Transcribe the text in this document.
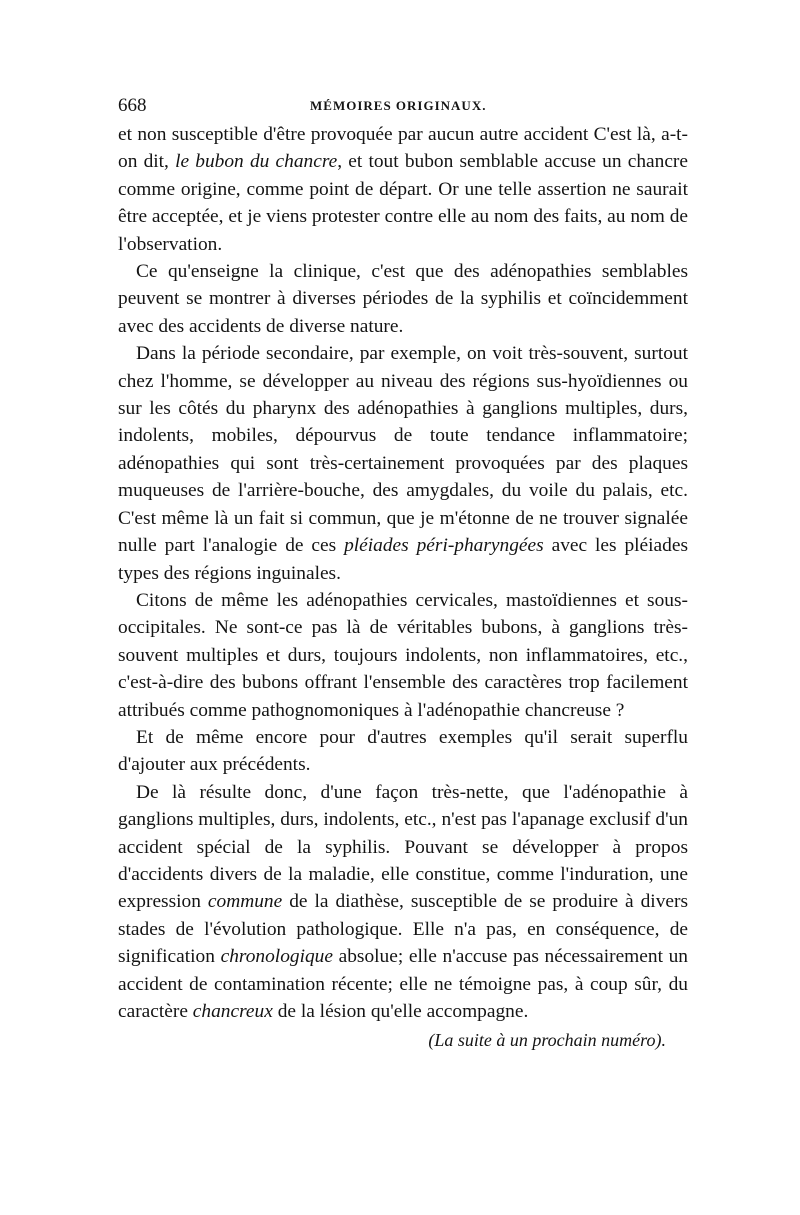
668	MÉMOIRES ORIGINAUX.

et non susceptible d'être provoquée par aucun autre accident C'est là, a-t-on dit, le bubon du chancre, et tout bubon semblable accuse un chancre comme origine, comme point de départ. Or une telle assertion ne saurait être acceptée, et je viens protester contre elle au nom des faits, au nom de l'observation.

Ce qu'enseigne la clinique, c'est que des adénopathies semblables peuvent se montrer à diverses périodes de la syphilis et coïncidemment avec des accidents de diverse nature.

Dans la période secondaire, par exemple, on voit très-souvent, surtout chez l'homme, se développer au niveau des régions sus-hyoïdiennes ou sur les côtés du pharynx des adénopathies à ganglions multiples, durs, indolents, mobiles, dépourvus de toute tendance inflammatoire; adénopathies qui sont très-certainement provoquées par des plaques muqueuses de l'arrière-bouche, des amygdales, du voile du palais, etc. C'est même là un fait si commun, que je m'étonne de ne trouver signalée nulle part l'analogie de ces pléiades péri-pharyngées avec les pléiades types des régions inguinales.

Citons de même les adénopathies cervicales, mastoïdiennes et sous-occipitales. Ne sont-ce pas là de véritables bubons, à ganglions très-souvent multiples et durs, toujours indolents, non inflammatoires, etc., c'est-à-dire des bubons offrant l'ensemble des caractères trop facilement attribués comme pathognomoniques à l'adénopathie chancreuse ?

Et de même encore pour d'autres exemples qu'il serait superflu d'ajouter aux précédents.

De là résulte donc, d'une façon très-nette, que l'adénopathie à ganglions multiples, durs, indolents, etc., n'est pas l'apanage exclusif d'un accident spécial de la syphilis. Pouvant se développer à propos d'accidents divers de la maladie, elle constitue, comme l'induration, une expression commune de la diathèse, susceptible de se produire à divers stades de l'évolution pathologique. Elle n'a pas, en conséquence, de signification chronologique absolue; elle n'accuse pas nécessairement un accident de contamination récente; elle ne témoigne pas, à coup sûr, du caractère chancreux de la lésion qu'elle accompagne.

(La suite à un prochain numéro).
